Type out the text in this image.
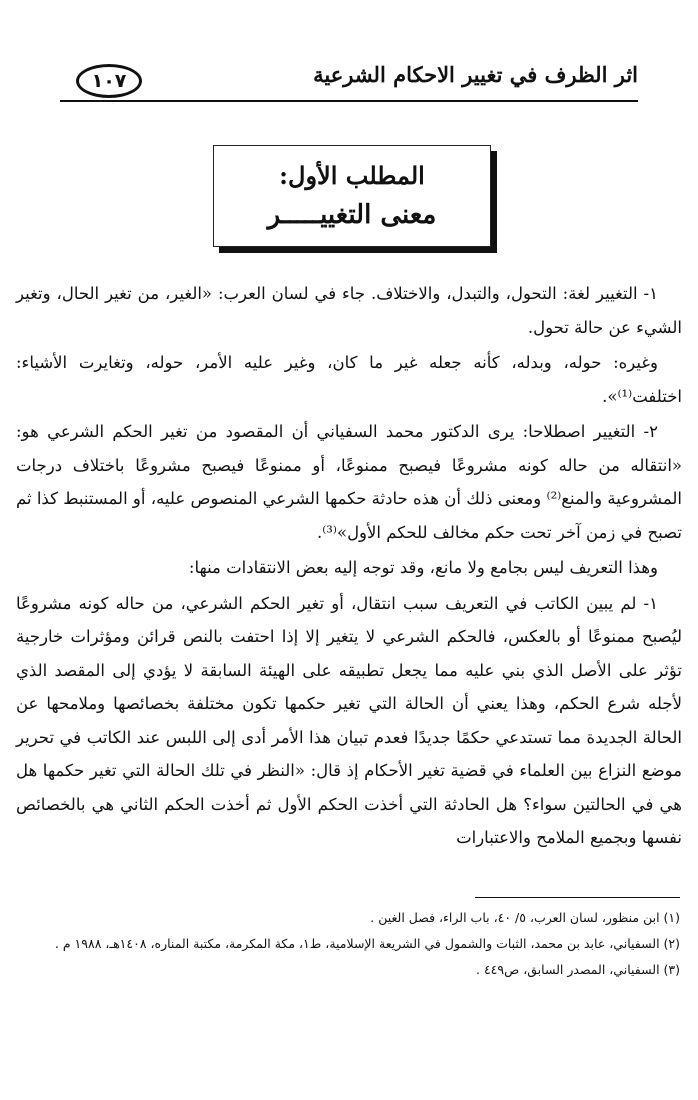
اثر الظرف في تغيير الاحكام الشرعية
١٠٧
المطلب الأول:
معنى التغييـــــر

١- التغيير لغة: التحول، والتبدل، والاختلاف. جاء في لسان العرب: «الغير، من تغير الحال، وتغير الشيء عن حالة تحول.

وغيره: حوله، وبدله، كأنه جعله غير ما كان، وغير عليه الأمر، حوله، وتغايرت الأشياء: اختلفت⁽¹⁾».

٢- التغيير اصطلاحا: يرى الدكتور محمد السفياني أن المقصود من تغير الحكم الشرعي هو: «انتقاله من حاله كونه مشروعًا فيصبح ممنوعًا، أو ممنوعًا فيصبح مشروعًا باختلاف درجات المشروعية والمنع⁽²⁾ ومعنى ذلك أن هذه حادثة حكمها الشرعي المنصوص عليه، أو المستنبط كذا ثم تصبح في زمن آخر تحت حكم مخالف للحكم الأول»⁽³⁾.

وهذا التعريف ليس بجامع ولا مانع، وقد توجه إليه بعض الانتقادات منها:

١- لم يبين الكاتب في التعريف سبب انتقال، أو تغير الحكم الشرعي، من حاله كونه مشروعًا ليُصبح ممنوعًا أو بالعكس، فالحكم الشرعي لا يتغير إلا إذا احتفت بالنص قرائن ومؤثرات خارجية تؤثر على الأصل الذي بني عليه مما يجعل تطبيقه على الهيئة السابقة لا يؤدي إلى المقصد الذي لأجله شرع الحكم، وهذا يعني أن الحالة التي تغير حكمها تكون مختلفة بخصائصها وملامحها عن الحالة الجديدة مما تستدعي حكمًا جديدًا فعدم تبيان هذا الأمر أدى إلى اللبس عند الكاتب في تحرير موضع النزاع بين العلماء في قضية تغير الأحكام إذ قال: «النظر في تلك الحالة التي تغير حكمها هل هي في الحالتين سواء؟ هل الحادثة التي أخذت الحكم الأول ثم أخذت الحكم الثاني هي بالخصائص نفسها وبجميع الملامح والاعتبارات

(١) ابن منظور، لسان العرب، ٥/ ٤٠، باب الراء، فصل الغين .

(٢) السفياني، عابد بن محمد، الثبات والشمول في الشريعة الإسلامية، ط١، مكة المكرمة، مكتبة المناره، ١٤٠٨هـ، ١٩٨٨ م .

(٣) السفياني، المصدر السابق، ص٤٤٩ .
